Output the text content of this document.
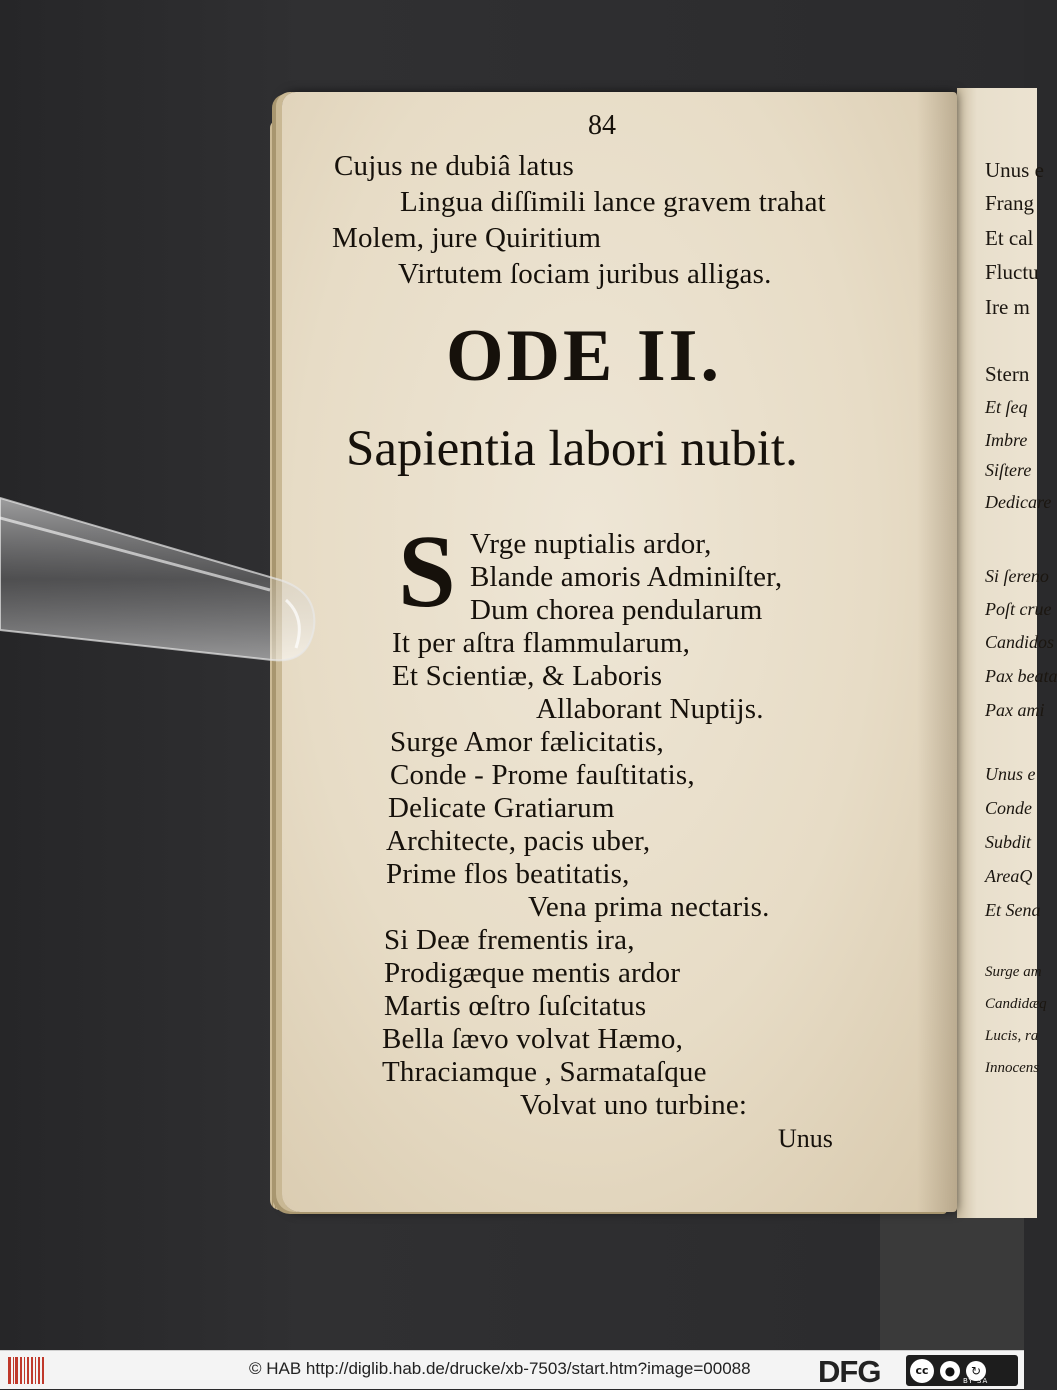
Unus e
Frang
Et cal
Fluctu
Ire m
Stern
Et ſeq
Imbre
Siſtere
Dedicare
Si ſereno
Poſt crue
Candidos
Pax beata
Pax ami
Unus e
Conde
Subdit
AreaQ
Et Sena
Surge am
Candidæq
Lucis, ra
Innocens
84
Cujus ne dubiâ latus
Lingua diſſimili lance gravem trahat
Molem, jure Quiritium
Virtutem ſociam juribus alligas.
ODE II.
Sapientia labori nubit.
S Vrge nuptialis ardor,
Blande amoris Adminiſter,
Dum chorea pendularum
It per aſtra flammularum,
Et Scientiæ, & Laboris
Allaborant Nuptijs.
Surge Amor fælicitatis,
Conde - Prome fauſtitatis,
Delicate Gratiarum
Architecte, pacis uber,
Prime flos beatitatis,
Vena prima nectaris.
Si Deæ frementis ira,
Prodigæque mentis ardor
Martis œſtro ſuſcitatus
Bella ſævo volvat Hæmo,
Thraciamque , Sarmataſque
Volvat uno turbine:
Unus
© HAB http://diglib.hab.de/drucke/xb-7503/start.htm?image=00088 DFG	cc	●	↻
BY SA
